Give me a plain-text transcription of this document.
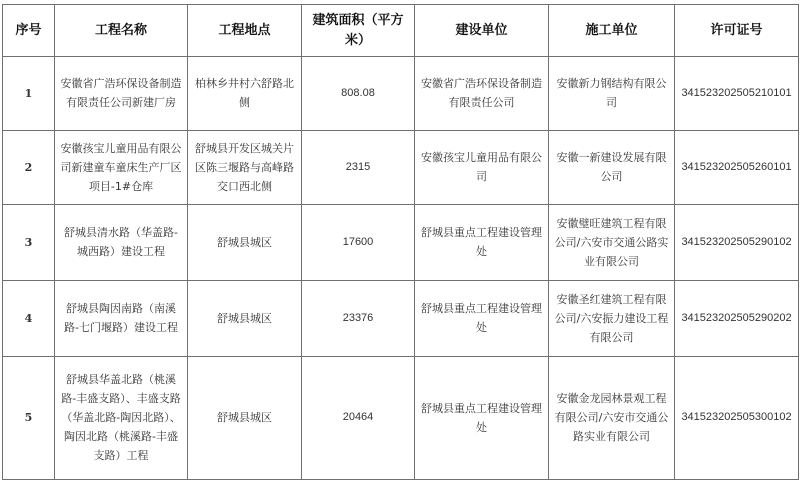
序号	工程名称	工程地点	建筑面积（平方米）	建设单位	施工单位	许可证号
1	安徽省广浩环保设备制造有限责任公司新建厂房	柏林乡井村六舒路北侧	808.08	安徽省广浩环保设备制造有限责任公司	安徽新力钢结构有限公司	341523202505210101
2	安徽孩宝儿童用品有限公司新建童车童床生产厂区项目-1#仓库	舒城县开发区城关片区陈三堰路与高峰路交口西北侧	2315	安徽孩宝儿童用品有限公司	安徽一新建设发展有限公司	341523202505260101
3	舒城县清水路（华盖路-城西路）建设工程	舒城县城区	17600	舒城县重点工程建设管理处	安徽璧旺建筑工程有限公司/六安市交通公路实业有限公司	341523202505290102
4	舒城县陶因南路（南溪路-七门堰路）建设工程	舒城县城区	23376	舒城县重点工程建设管理处	安徽圣红建筑工程有限公司/六安振力建设工程有限公司	341523202505290202
5	舒城县华盖北路（桃溪路-丰盛支路）、丰盛支路（华盖北路-陶因北路）、陶因北路（桃溪路-丰盛支路）工程	舒城县城区	20464	舒城县重点工程建设管理处	安徽金龙园林景观工程有限公司/六安市交通公路实业有限公司	341523202505300102
